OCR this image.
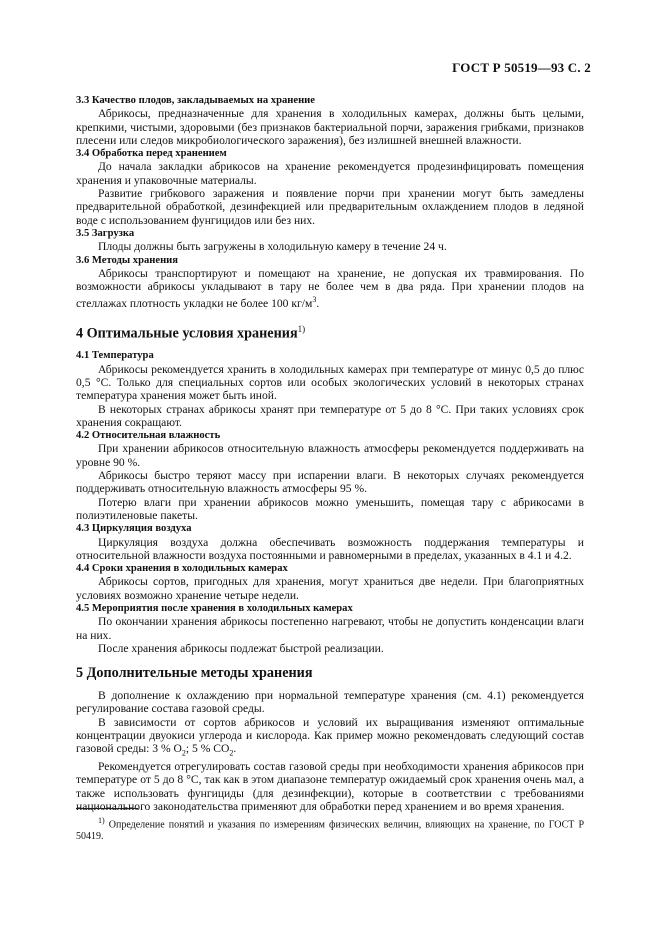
ГОСТ Р 50519—93 С. 2
3.3 Качество плодов, закладываемых на хранение

Абрикосы, предназначенные для хранения в холодильных камерах, должны быть целыми, крепкими, чистыми, здоровыми (без признаков бактериальной порчи, заражения грибками, признаков плесени или следов микробиологического заражения), без излишней внешней влажности.

3.4 Обработка перед хранением

До начала закладки абрикосов на хранение рекомендуется продезинфицировать помещения хранения и упаковочные материалы.

Развитие грибкового заражения и появление порчи при хранении могут быть замедлены предварительной обработкой, дезинфекцией или предварительным охлаждением плодов в ледяной воде с использованием фунгицидов или без них.

3.5 Загрузка

Плоды должны быть загружены в холодильную камеру в течение 24 ч.

3.6 Методы хранения

Абрикосы транспортируют и помещают на хранение, не допуская их травмирования. По возможности абрикосы укладывают в тару не более чем в два ряда. При хранении плодов на стеллажах плотность укладки не более 100 $кг/м^3$.

4 Оптимальные условия хранения$^{1)}$
4.1 Температура

Абрикосы рекомендуется хранить в холодильных камерах при температуре от минус 0,5 до плюс 0,5 °С. Только для специальных сортов или особых экологических условий в некоторых странах температура хранения может быть иной.

В некоторых странах абрикосы хранят при температуре от 5 до 8 °С. При таких условиях срок хранения сокращают.

4.2 Относительная влажность

При хранении абрикосов относительную влажность атмосферы рекомендуется поддерживать на уровне 90 %.

Абрикосы быстро теряют массу при испарении влаги. В некоторых случаях рекомендуется поддерживать относительную влажность атмосферы 95 %.

Потерю влаги при хранении абрикосов можно уменьшить, помещая тару с абрикосами в полиэтиленовые пакеты.

4.3 Циркуляция воздуха

Циркуляция воздуха должна обеспечивать возможность поддержания температуры и относительной влажности воздуха постоянными и равномерными в пределах, указанных в 4.1 и 4.2.

4.4 Сроки хранения в холодильных камерах

Абрикосы сортов, пригодных для хранения, могут храниться две недели. При благоприятных условиях возможно хранение четыре недели.

4.5 Мероприятия после хранения в холодильных камерах

По окончании хранения абрикосы постепенно нагревают, чтобы не допустить конденсации влаги на них.

После хранения абрикосы подлежат быстрой реализации.

5 Дополнительные методы хранения

В дополнение к охлаждению при нормальной температуре хранения (см. 4.1) рекомендуется регулирование состава газовой среды.

В зависимости от сортов абрикосов и условий их выращивания изменяют оптимальные концентрации двуокиси углерода и кислорода. Как пример можно рекомендовать следующий состав газовой среды: 3 % $O_2$; 5 % $CO_2$.

Рекомендуется отрегулировать состав газовой среды при необходимости хранения абрикосов при температуре от 5 до 8 °С, так как в этом диапазоне температур ожидаемый срок хранения очень мал, а также использовать фунгициды (для дезинфекции), которые в соответствии с требованиями национального законодательства применяют для обработки перед хранением и во время хранения.

$^{1)}$ Определение понятий и указания по измерениям физических величин, влияющих на хранение, по ГОСТ Р 50419.
